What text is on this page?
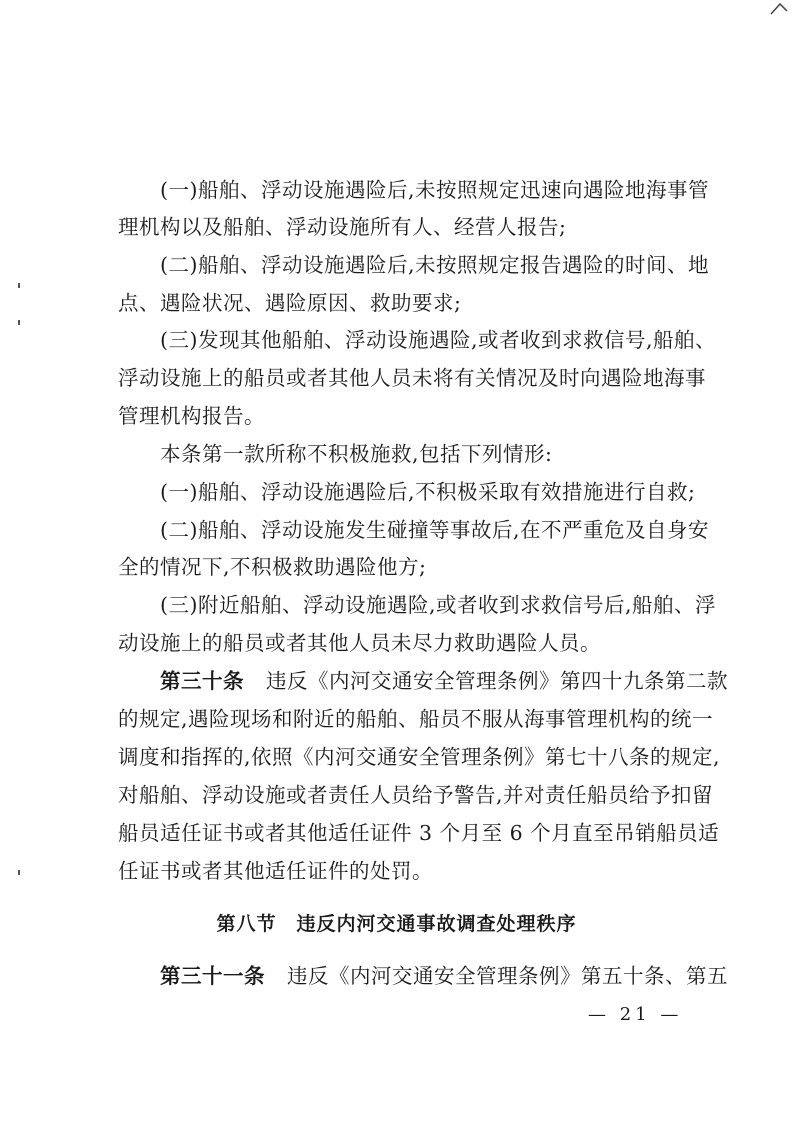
(一)船舶、浮动设施遇险后,未按照规定迅速向遇险地海事管
理机构以及船舶、浮动设施所有人、经营人报告;
(二)船舶、浮动设施遇险后,未按照规定报告遇险的时间、地
点、遇险状况、遇险原因、救助要求;
(三)发现其他船舶、浮动设施遇险,或者收到求救信号,船舶、
浮动设施上的船员或者其他人员未将有关情况及时向遇险地海事
管理机构报告。
本条第一款所称不积极施救,包括下列情形:
(一)船舶、浮动设施遇险后,不积极采取有效措施进行自救;
(二)船舶、浮动设施发生碰撞等事故后,在不严重危及自身安
全的情况下,不积极救助遇险他方;
(三)附近船舶、浮动设施遇险,或者收到求救信号后,船舶、浮
动设施上的船员或者其他人员未尽力救助遇险人员。
第三十条 违反《内河交通安全管理条例》第四十九条第二款
的规定,遇险现场和附近的船舶、船员不服从海事管理机构的统一
调度和指挥的,依照《内河交通安全管理条例》第七十八条的规定,
对船舶、浮动设施或者责任人员给予警告,并对责任船员给予扣留
船员适任证书或者其他适任证件 3 个月至 6 个月直至吊销船员适
任证书或者其他适任证件的处罚。
第八节　违反内河交通事故调查处理秩序
第三十一条 违反《内河交通安全管理条例》第五十条、第五
— 21 —
